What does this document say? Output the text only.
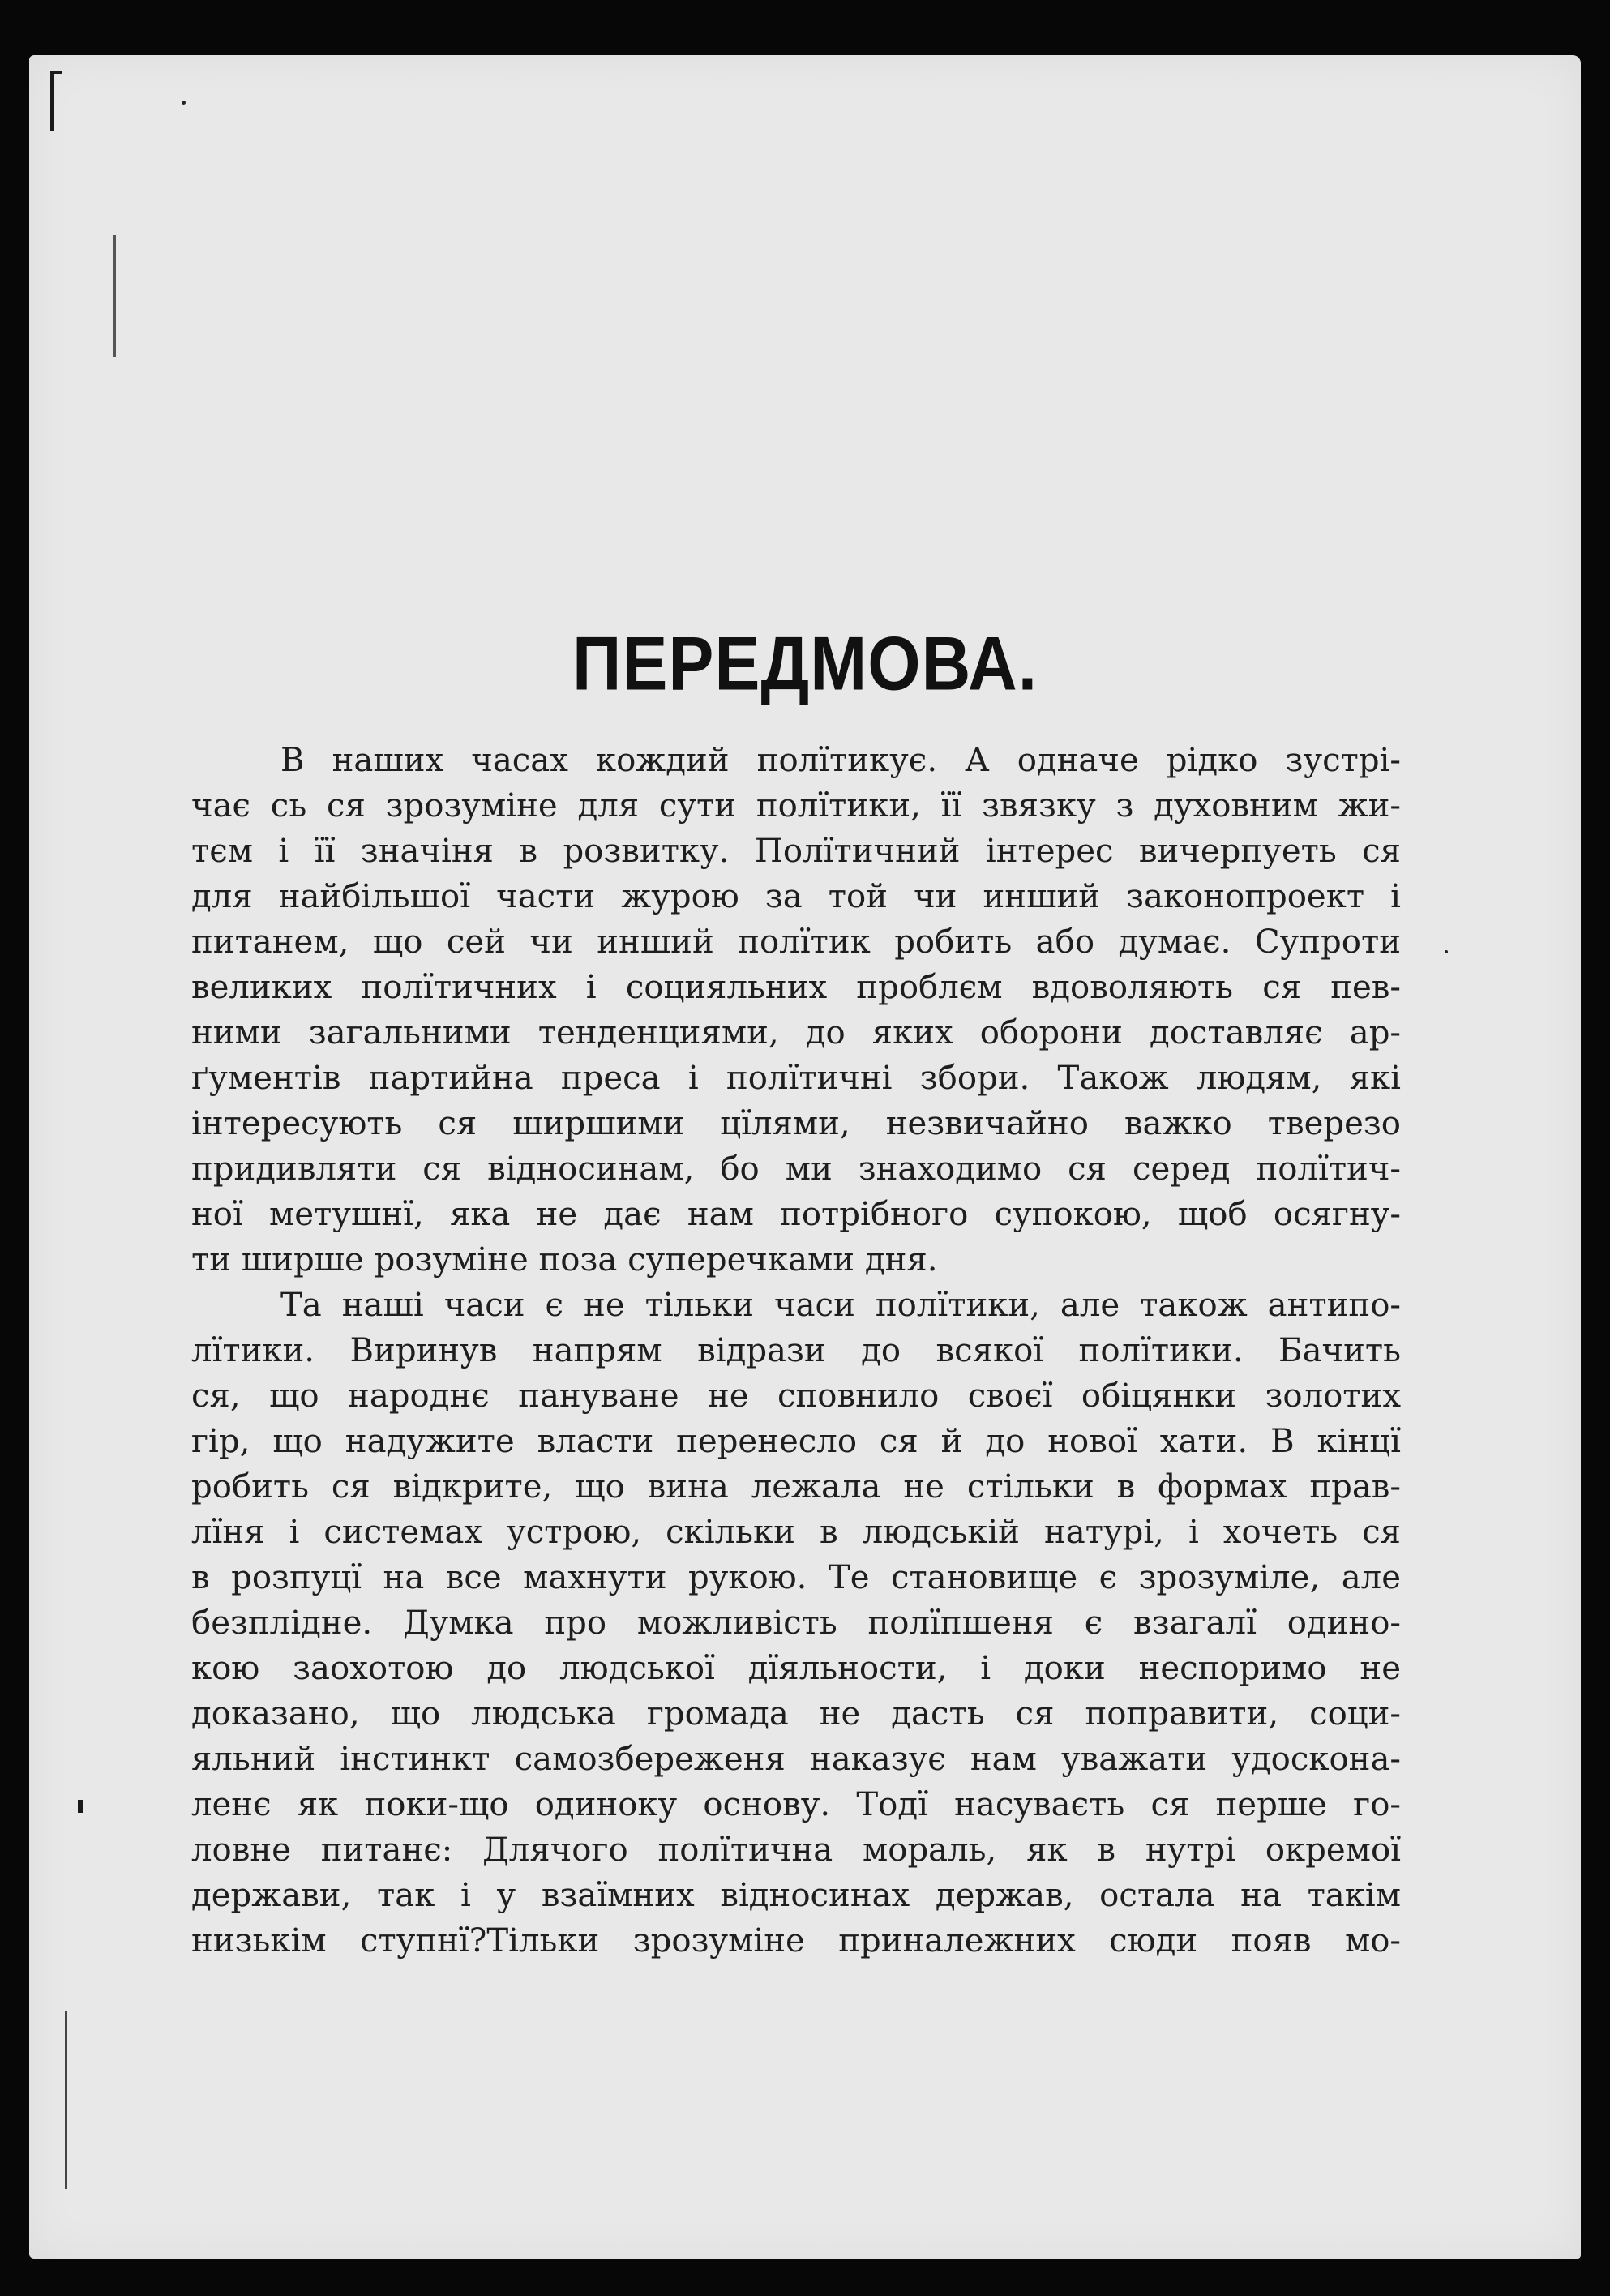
ПЕРЕДМОВА.
В наших часах кождий полїтикує. А одначе рідко зустрі-
чає сь ся зрозуміне для сути полїтики, її звязку з духовним жи-
тєм і її значіня в розвитку. Полїтичний інтерес вичерпуеть ся
для найбільшої части журою за той чи инший законопроект і
питанем, що сей чи инший полїтик робить або думає. Супроти
великих полїтичних і социяльних проблєм вдоволяють ся пев-
ними загальними тенденциями, до яких оборони доставляє ар-
ґументів партийна преса і полїтичні збори. Також людям, які
інтересують ся ширшими цїлями, незвичайно важко тверезо
придивляти ся відносинам, бо ми знаходимо ся серед полїтич-
ної метушнї, яка не дає нам потрібного супокою, щоб осягну-
ти ширше розуміне поза суперечками дня.
Та наші часи є не тільки часи полїтики, але також антипо-
лїтики. Виринув напрям відрази до всякої полїтики. Бачить
ся, що народнє пануване не сповнило своєї обіцянки золотих
гір, що надужите власти перенесло ся й до нової хати. В кінцї
робить ся відкрите, що вина лежала не стільки в формах прав-
лїня і системах устрою, скільки в людській натурі, і хочеть ся
в розпуцї на все махнути рукою. Те становище є зрозуміле, але
безплідне. Думка про можливість полїпшеня є взагалї одино-
кою заохотою до людської дїяльности, і доки неспоримо не
доказано, що людська громада не дасть ся поправити, соци-
яльний інстинкт самозбереженя наказує нам уважати удоскона-
ленє як поки-що одиноку основу. Тодї насуваєть ся перше го-
ловне питанє: Длячого полїтична мораль, як в нутрі окремої
держави, так і у взаїмних відносинах держав, остала на такім
низькім ступнї?Тільки зрозуміне приналежних сюди появ мо-
